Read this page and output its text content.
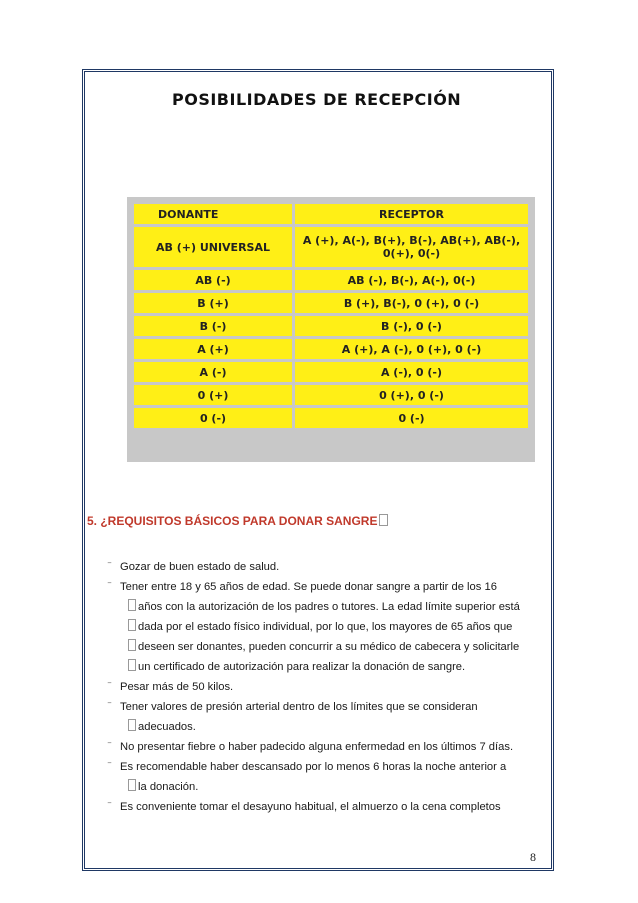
POSIBILIDADES DE RECEPCIÓN
DONANTE	RECEPTOR
AB (+) UNIVERSAL	A (+), A(-), B(+), B(-), AB(+), AB(-), 0(+), 0(-)
AB (-)	AB (-), B(-), A(-), 0(-)
B (+)	B (+), B(-), 0 (+), 0 (-)
B (-)	B (-), 0 (-)
A (+)	A (+), A (-), 0 (+), 0 (-)
A (-)	A (-), 0 (-)
0 (+)	0 (+), 0 (-)
0 (-)	0 (-)
5. ¿REQUISITOS BÁSICOS PARA DONAR SANGRE
‾ Gozar de buen estado de salud.
‾ Tener entre 18 y 65 años de edad. Se puede donar sangre a partir de los 16
años con la autorización de los padres o tutores. La edad límite superior está
dada por el estado físico individual, por lo que, los mayores de 65 años que
deseen ser donantes, pueden concurrir a su médico de cabecera y solicitarle
un certificado de autorización para realizar la donación de sangre.
‾ Pesar más de 50 kilos.
‾ Tener valores de presión arterial dentro de los límites que se consideran
adecuados.
‾ No presentar fiebre o haber padecido alguna enfermedad en los últimos 7 días.
‾ Es recomendable haber descansado por lo menos 6 horas la noche anterior a
la donación.
‾ Es conveniente tomar el desayuno habitual, el almuerzo o la cena completos
8
